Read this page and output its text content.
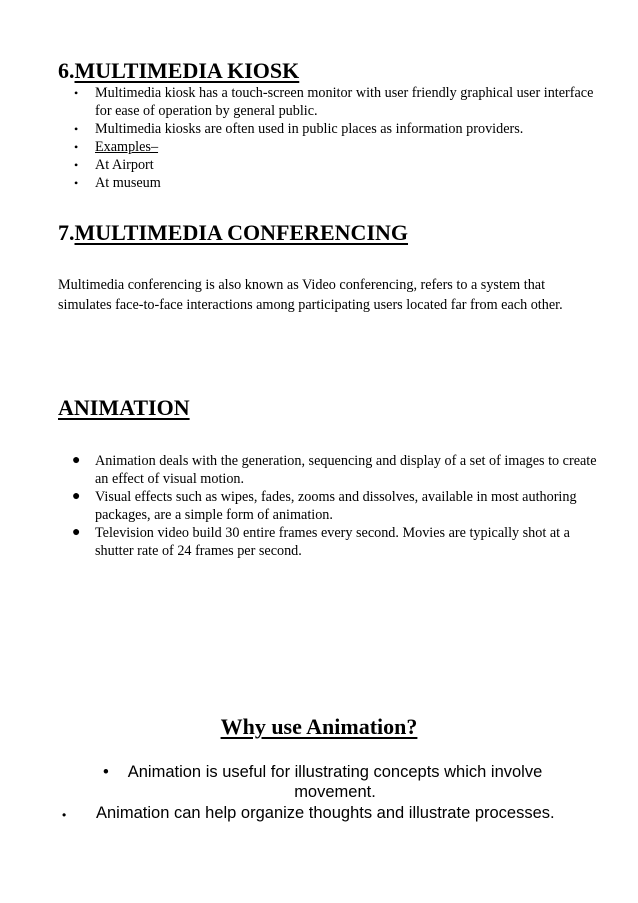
6.MULTIMEDIA KIOSK
• Multimedia kiosk has a touch-screen monitor with user friendly graphical user interface for ease of operation by general public.
• Multimedia kiosks are often used in public places as information providers.
• Examples–
• At Airport
• At museum
7.MULTIMEDIA CONFERENCING

Multimedia conferencing is also known as Video conferencing, refers to a system that simulates face-to-face interactions among participating users located far from each other.

ANIMATION
● Animation deals with the generation, sequencing and display of a set of images to create an effect of visual motion.
● Visual effects such as wipes, fades, zooms and dissolves, available in most authoring packages, are a simple form of animation.
● Television video build 30 entire frames every second. Movies are typically shot at a shutter rate of 24 frames per second.
Why use Animation?
• Animation is useful for illustrating concepts which involve movement.
• Animation can help organize thoughts and illustrate processes.
